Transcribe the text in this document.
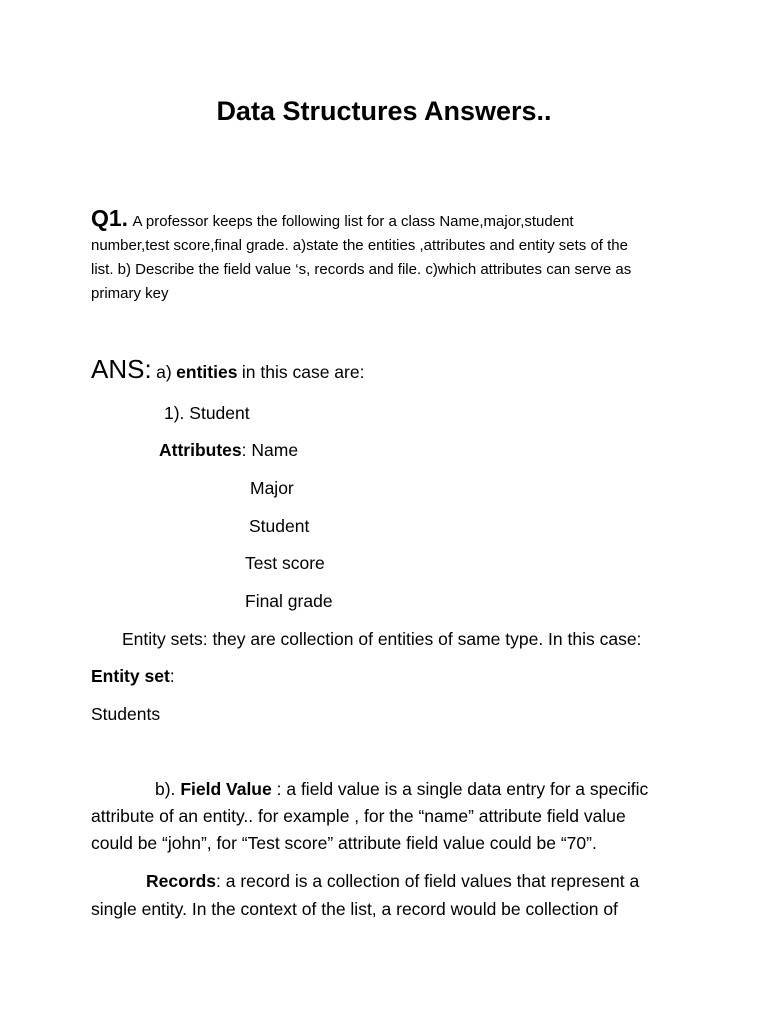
Data Structures Answers..
Q1. A professor keeps the following list for a class Name,major,student
number,test score,final grade. a)state the entities ,attributes and entity sets of the
list. b) Describe the field value ‘s, records and file. c)which attributes can serve as
primary key
ANS: a) entities in this case are:
1). Student
Attributes: Name
Major
Student
Test score
Final grade
Entity sets: they are collection of entities of same type. In this case:
Entity set:
Students
b). Field Value : a field value is a single data entry for a specific
attribute of an entity.. for example , for the “name” attribute field value
could be “john”, for “Test score” attribute field value could be “70”.
Records: a record is a collection of field values that represent a
single entity. In the context of the list, a record would be collection of
